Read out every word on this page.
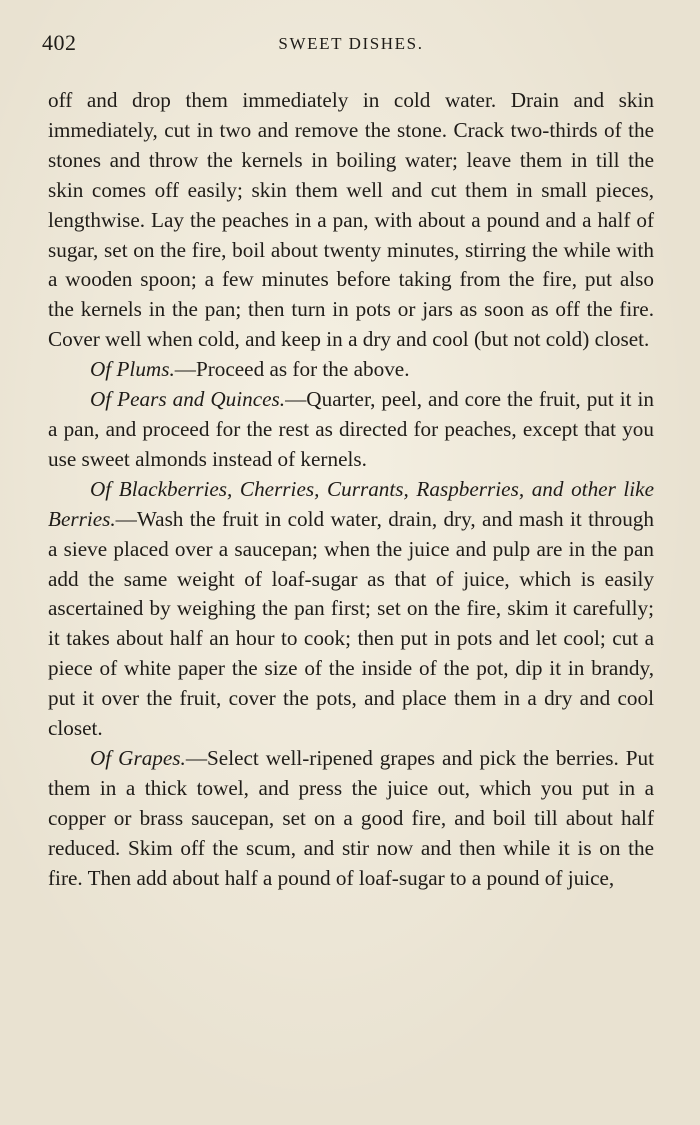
402	SWEET DISHES.

off and drop them immediately in cold water. Drain and skin immediately, cut in two and remove the stone. Crack two-thirds of the stones and throw the kernels in boiling water; leave them in till the skin comes off easily; skin them well and cut them in small pieces, lengthwise. Lay the peaches in a pan, with about a pound and a half of sugar, set on the fire, boil about twenty minutes, stirring the while with a wooden spoon; a few minutes before taking from the fire, put also the kernels in the pan; then turn in pots or jars as soon as off the fire. Cover well when cold, and keep in a dry and cool (but not cold) closet.

Of Plums.—Proceed as for the above.

Of Pears and Quinces.—Quarter, peel, and core the fruit, put it in a pan, and proceed for the rest as directed for peaches, except that you use sweet almonds instead of kernels.

Of Blackberries, Cherries, Currants, Raspberries, and other like Berries.—Wash the fruit in cold water, drain, dry, and mash it through a sieve placed over a saucepan; when the juice and pulp are in the pan add the same weight of loaf-sugar as that of juice, which is easily ascertained by weighing the pan first; set on the fire, skim it carefully; it takes about half an hour to cook; then put in pots and let cool; cut a piece of white paper the size of the inside of the pot, dip it in brandy, put it over the fruit, cover the pots, and place them in a dry and cool closet.

Of Grapes.—Select well-ripened grapes and pick the berries. Put them in a thick towel, and press the juice out, which you put in a copper or brass saucepan, set on a good fire, and boil till about half reduced. Skim off the scum, and stir now and then while it is on the fire. Then add about half a pound of loaf-sugar to a pound of juice,
